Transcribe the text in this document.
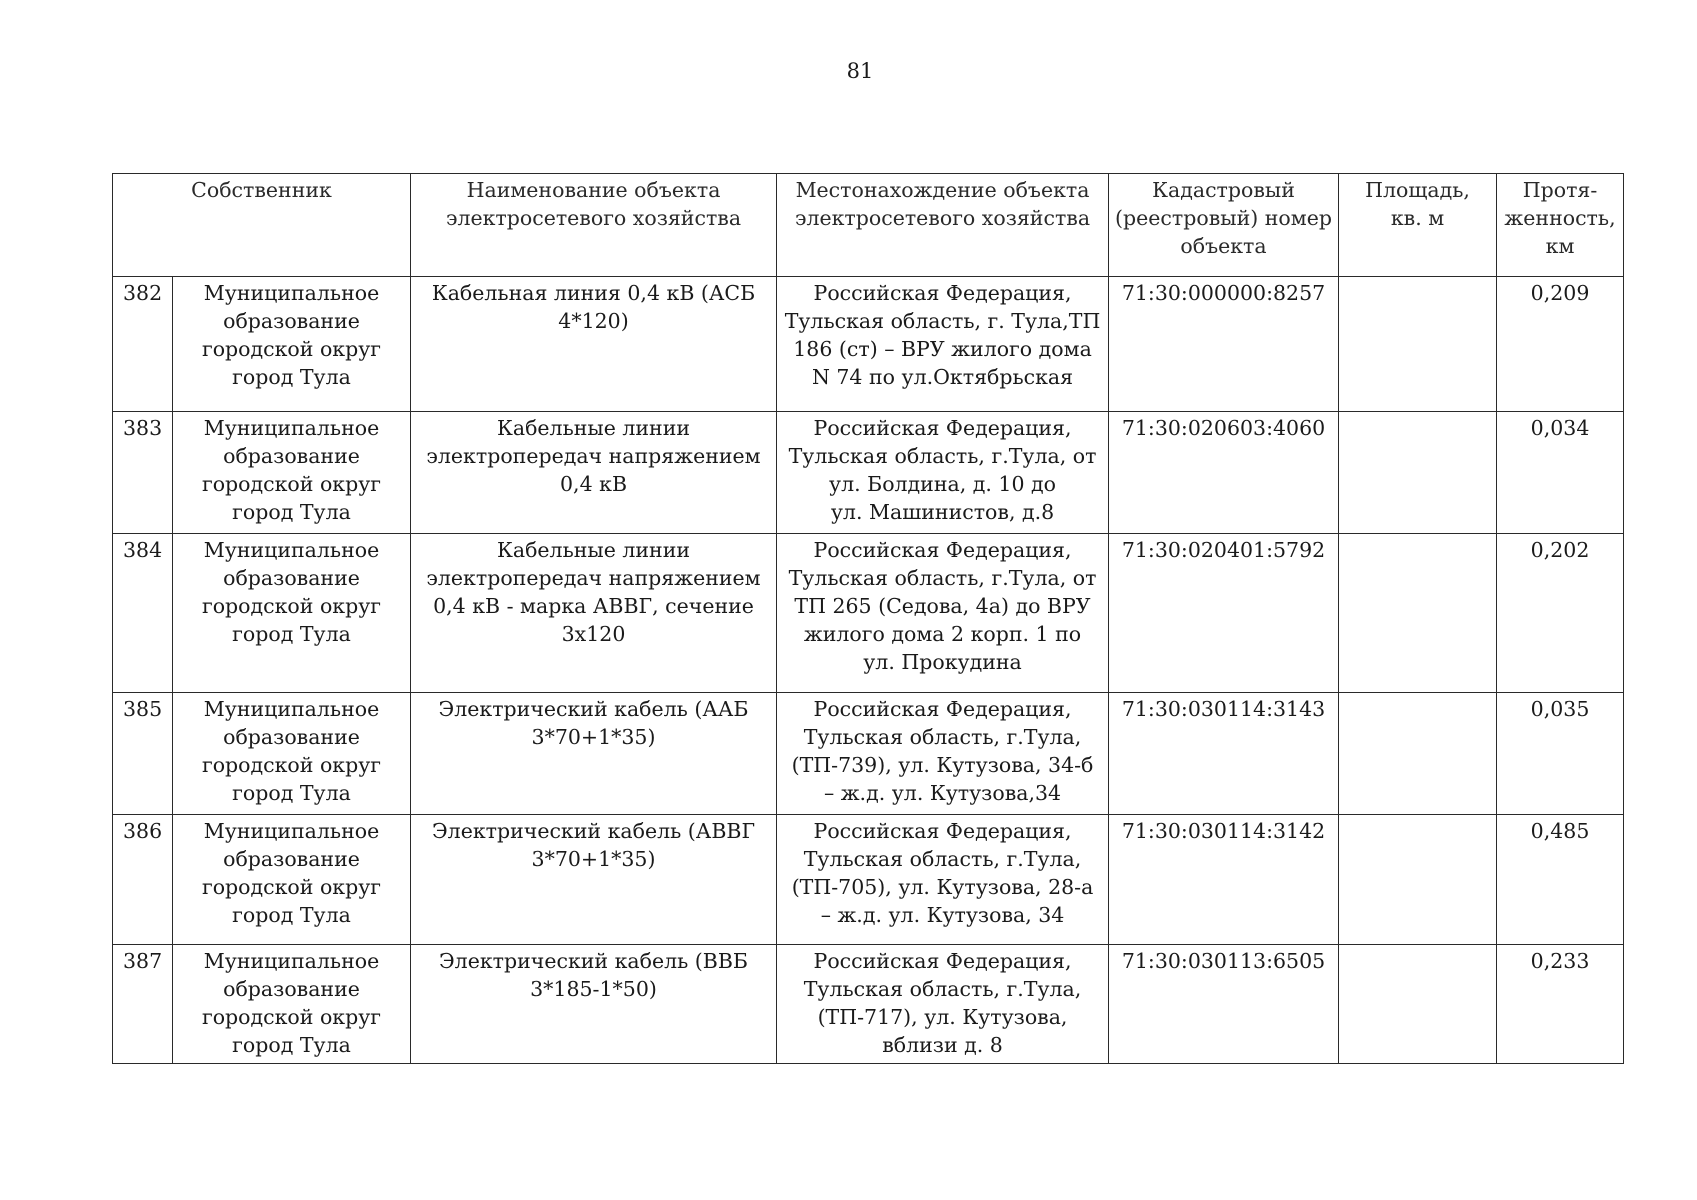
81
Собственник		Наименование объекта
электросетевого хозяйства	Местонахождение объекта
электросетевого хозяйства	Кадастровый
(реестровый) номер
объекта	Площадь,
кв. м	Протя-
женность,
км

382	Муниципальное
образование
городской округ
город Тула	Кабельная линия 0,4 кВ (АСБ
4*120)	Российская Федерация,
Тульская область, г. Тула,ТП
186 (ст) – ВРУ жилого дома
N 74 по ул.Октябрьская	71:30:000000:8257		0,209
383	Муниципальное
образование
городской округ
город Тула	Кабельные линии
электропередач напряжением
0,4 кВ	Российская Федерация,
Тульская область, г.Тула, от
ул. Болдина, д. 10 до
ул. Машинистов, д.8	71:30:020603:4060		0,034
384	Муниципальное
образование
городской округ
город Тула	Кабельные линии
электропередач напряжением
0,4 кВ - марка АВВГ, сечение
3х120	Российская Федерация,
Тульская область, г.Тула, от
ТП 265 (Седова, 4а) до ВРУ
жилого дома 2 корп. 1 по
ул. Прокудина	71:30:020401:5792		0,202
385	Муниципальное
образование
городской округ
город Тула	Электрический кабель (ААБ
3*70+1*35)	Российская Федерация,
Тульская область, г.Тула,
(ТП-739), ул. Кутузова, 34-б
– ж.д. ул. Кутузова,34	71:30:030114:3143		0,035
386	Муниципальное
образование
городской округ
город Тула	Электрический кабель (АВВГ
3*70+1*35)	Российская Федерация,
Тульская область, г.Тула,
(ТП-705), ул. Кутузова, 28-а
– ж.д. ул. Кутузова, 34	71:30:030114:3142		0,485
387	Муниципальное
образование
городской округ
город Тула	Электрический кабель (ВВБ
3*185-1*50)	Российская Федерация,
Тульская область, г.Тула,
(ТП-717), ул. Кутузова,
вблизи д. 8	71:30:030113:6505		0,233
